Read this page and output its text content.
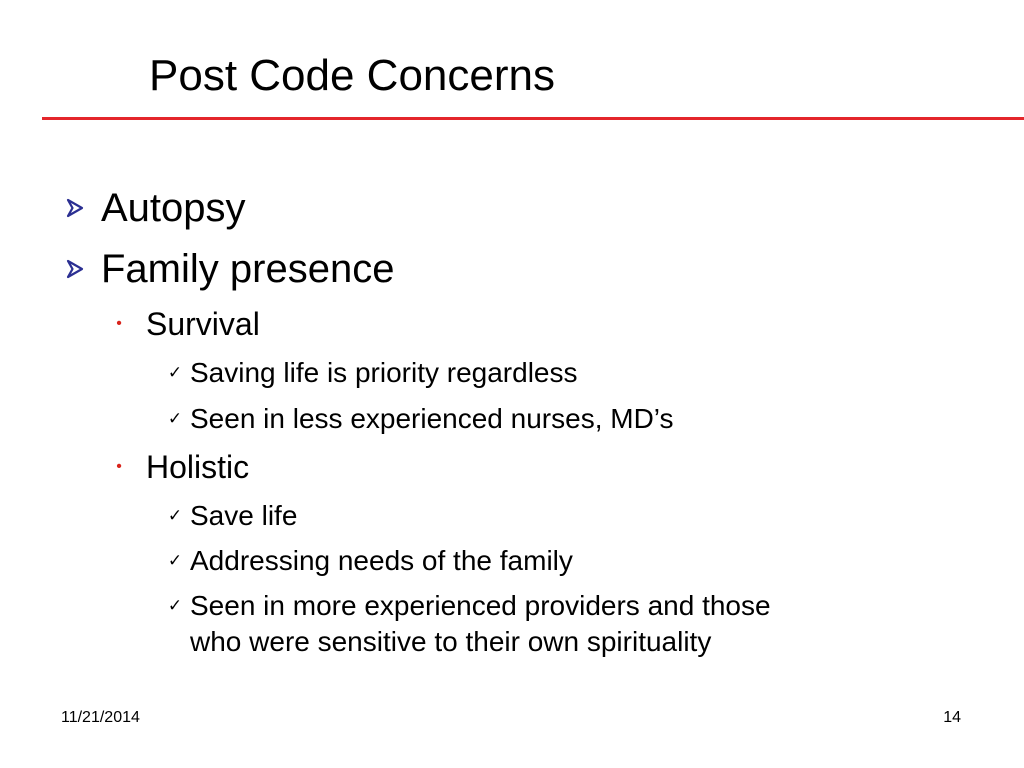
Post Code Concerns
Autopsy
Family presence
• Survival
✓ Saving life is priority regardless
✓ Seen in less experienced nurses, MD’s
• Holistic
✓ Save life
✓ Addressing needs of the family
✓ Seen in more experienced providers and those
who were sensitive to their own spirituality
11/21/2014	14
